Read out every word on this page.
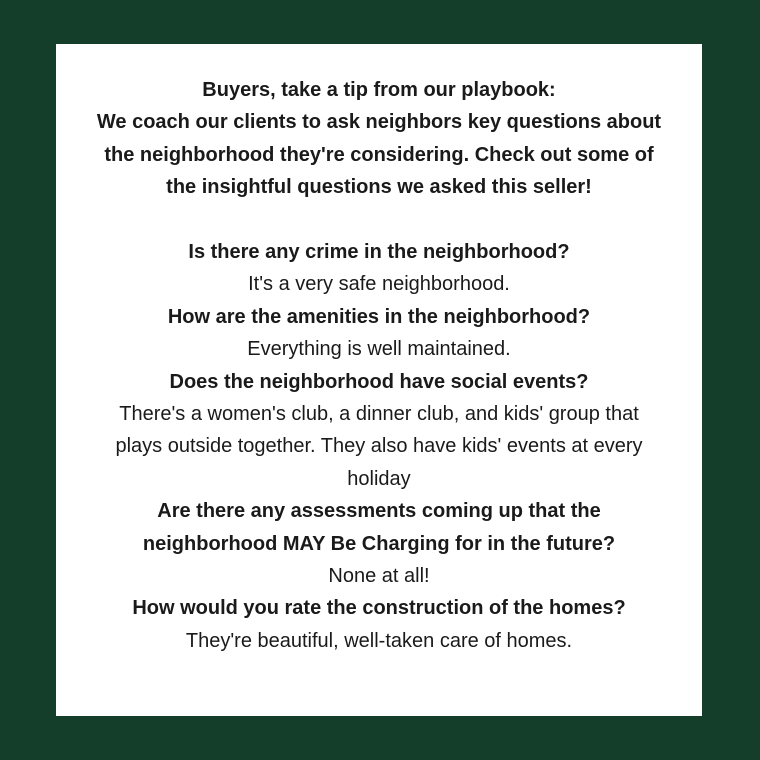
Buyers, take a tip from our playbook:
We coach our clients to ask neighbors key questions about
the neighborhood they're considering. Check out some of
the insightful questions we asked this seller!
Is there any crime in the neighborhood?
It's a very safe neighborhood.
How are the amenities in the neighborhood?
Everything is well maintained.
Does the neighborhood have social events?
There's a women's club, a dinner club, and kids' group that
plays outside together. They also have kids' events at every
holiday
Are there any assessments coming up that the
neighborhood MAY Be Charging for in the future?
None at all!
How would you rate the construction of the homes?
They're beautiful, well-taken care of homes.
